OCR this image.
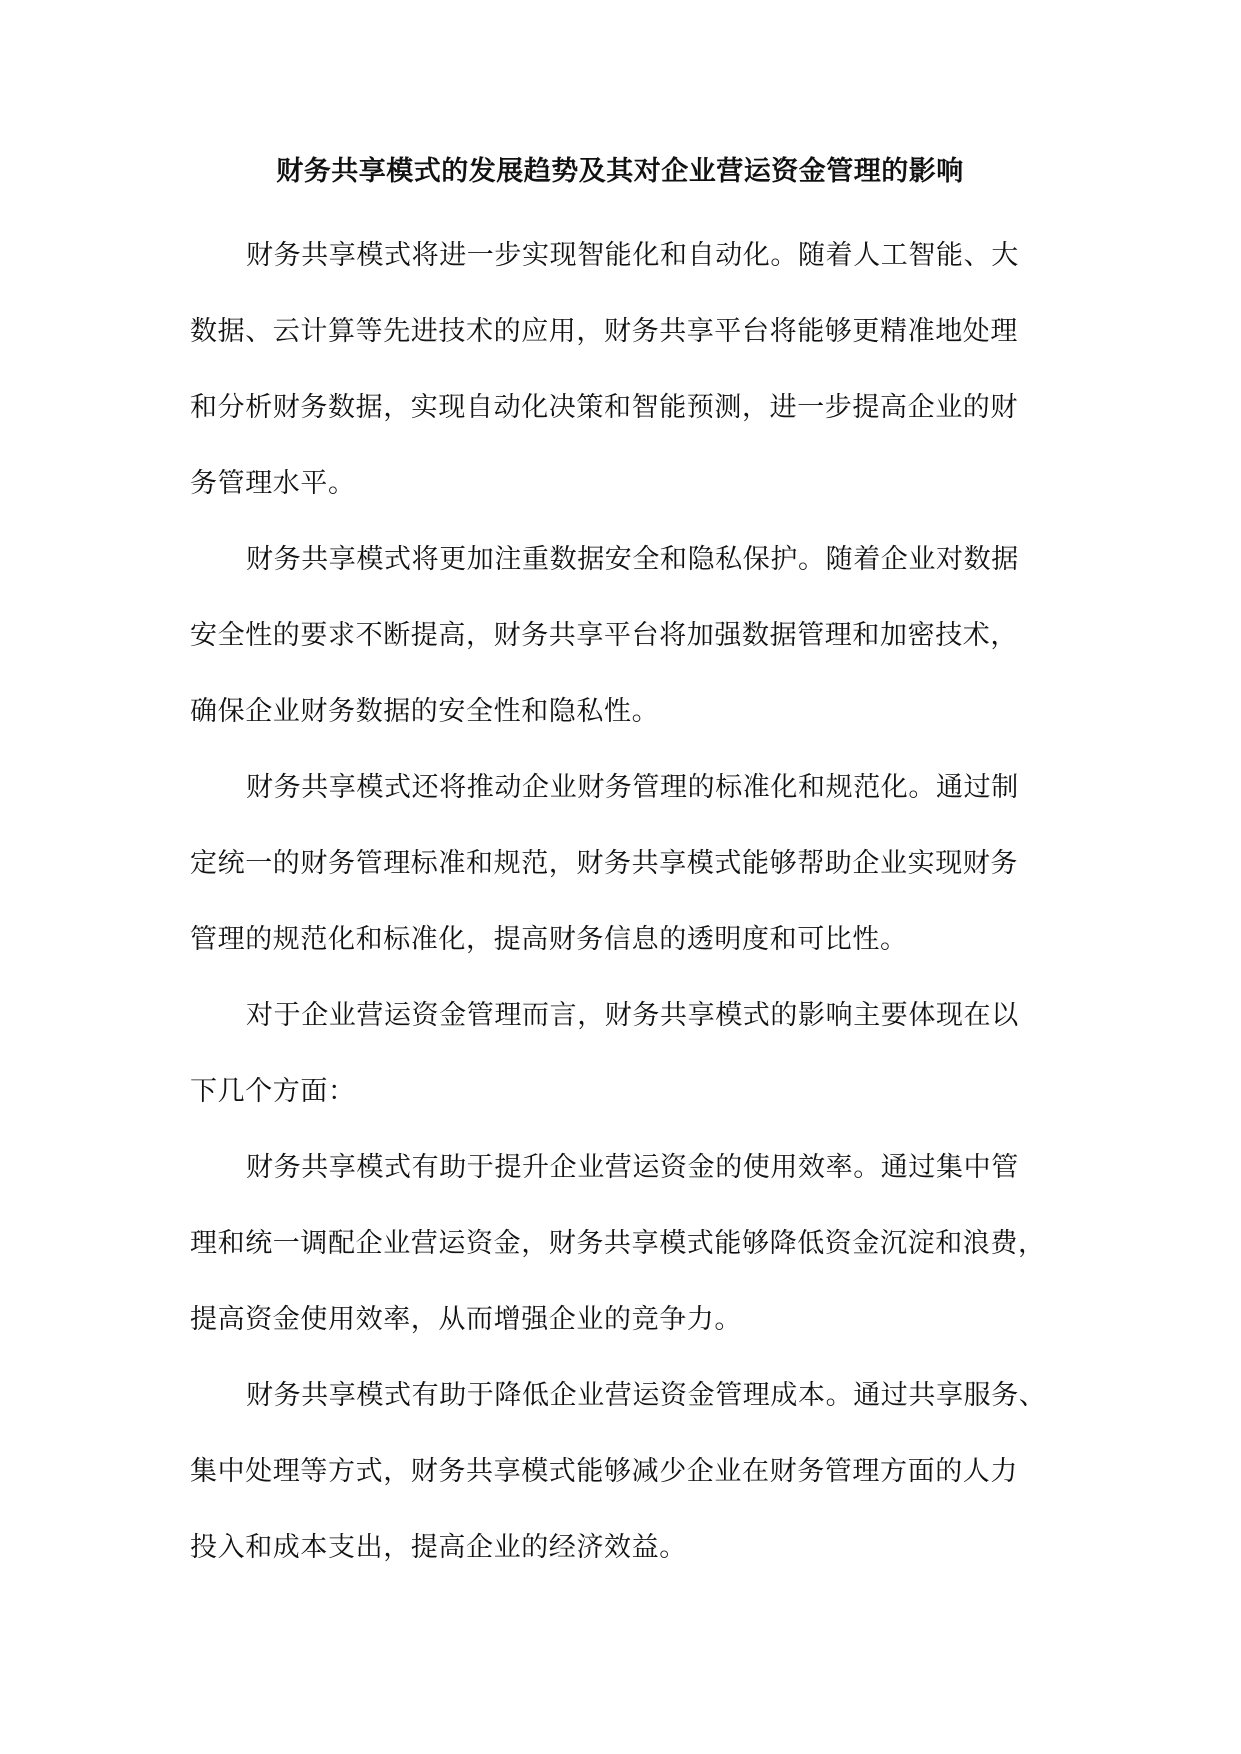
财务共享模式的发展趋势及其对企业营运资金管理的影响

财务共享模式将进一步实现智能化和自动化。随着人工智能、大
数据、云计算等先进技术的应用，财务共享平台将能够更精准地处理
和分析财务数据，实现自动化决策和智能预测，进一步提高企业的财
务管理水平。

财务共享模式将更加注重数据安全和隐私保护。随着企业对数据
安全性的要求不断提高，财务共享平台将加强数据管理和加密技术，
确保企业财务数据的安全性和隐私性。

财务共享模式还将推动企业财务管理的标准化和规范化。通过制
定统一的财务管理标准和规范，财务共享模式能够帮助企业实现财务
管理的规范化和标准化，提高财务信息的透明度和可比性。

对于企业营运资金管理而言，财务共享模式的影响主要体现在以
下几个方面：

财务共享模式有助于提升企业营运资金的使用效率。通过集中管
理和统一调配企业营运资金，财务共享模式能够降低资金沉淀和浪费，
提高资金使用效率，从而增强企业的竞争力。

财务共享模式有助于降低企业营运资金管理成本。通过共享服务、
集中处理等方式，财务共享模式能够减少企业在财务管理方面的人力
投入和成本支出，提高企业的经济效益。
